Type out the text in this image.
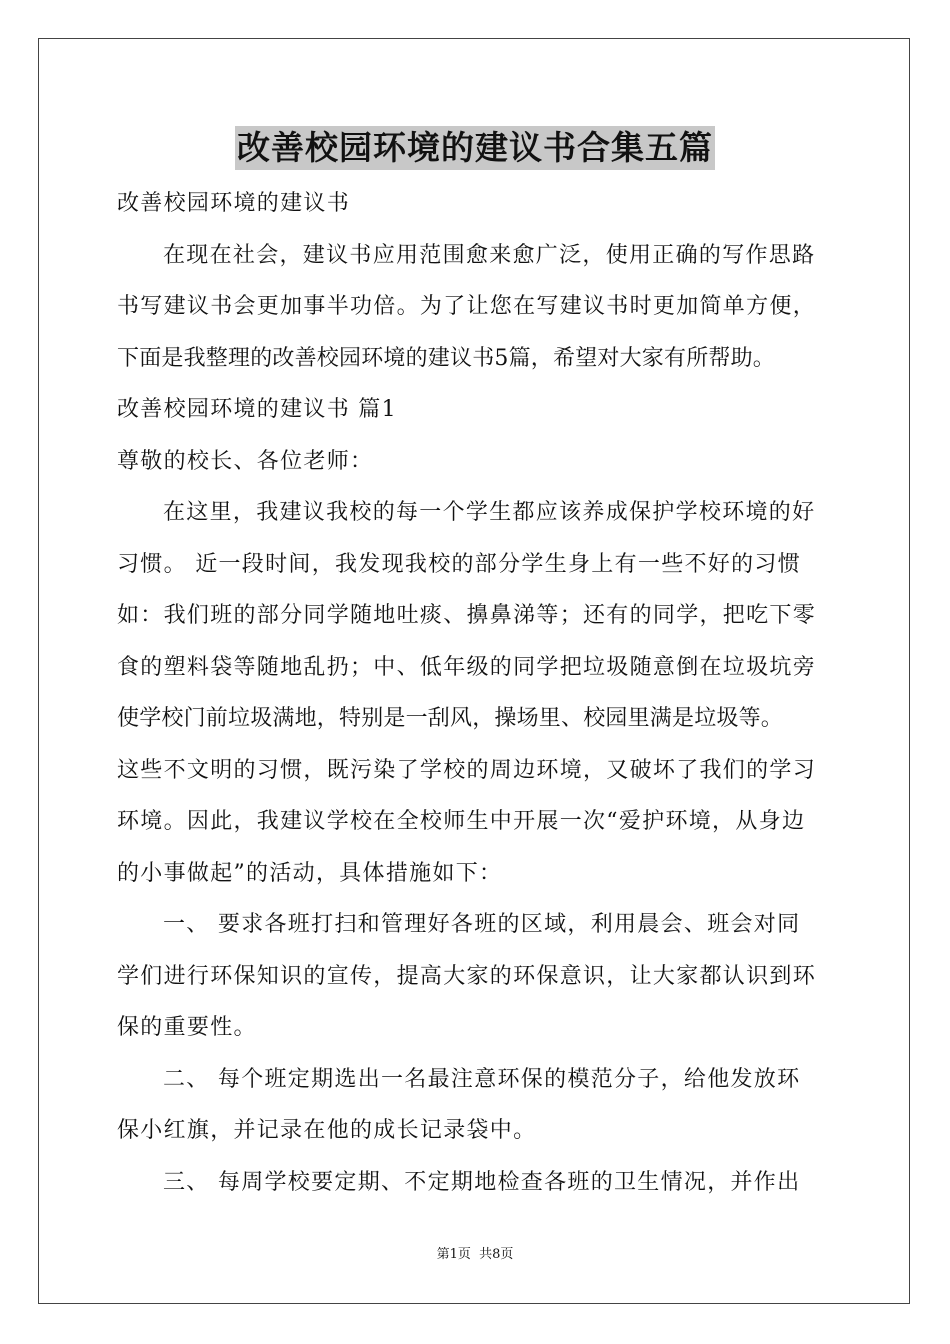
改善校园环境的建议书合集五篇
改善校园环境的建议书
在现在社会，建议书应用范围愈来愈广泛，使用正确的写作思路
书写建议书会更加事半功倍。为了让您在写建议书时更加简单方便，
下面是我整理的改善校园环境的建议书5篇，希望对大家有所帮助。
改善校园环境的建议书 篇1
尊敬的校长、各位老师：
在这里，我建议我校的每一个学生都应该养成保护学校环境的好
习惯。 近一段时间，我发现我校的部分学生身上有一些不好的习惯
如：我们班的部分同学随地吐痰、擤鼻涕等；还有的同学，把吃下零
食的塑料袋等随地乱扔；中、低年级的同学把垃圾随意倒在垃圾坑旁
使学校门前垃圾满地，特别是一刮风，操场里、校园里满是垃圾等。
这些不文明的习惯，既污染了学校的周边环境，又破坏了我们的学习
环境。因此，我建议学校在全校师生中开展一次“爱护环境，从身边
的小事做起”的活动，具体措施如下：
一、 要求各班打扫和管理好各班的区域，利用晨会、班会对同
学们进行环保知识的宣传，提高大家的环保意识，让大家都认识到环
保的重要性。
二、 每个班定期选出一名最注意环保的模范分子，给他发放环
保小红旗，并记录在他的成长记录袋中。
三、 每周学校要定期、不定期地检查各班的卫生情况，并作出
第1页 共8页
